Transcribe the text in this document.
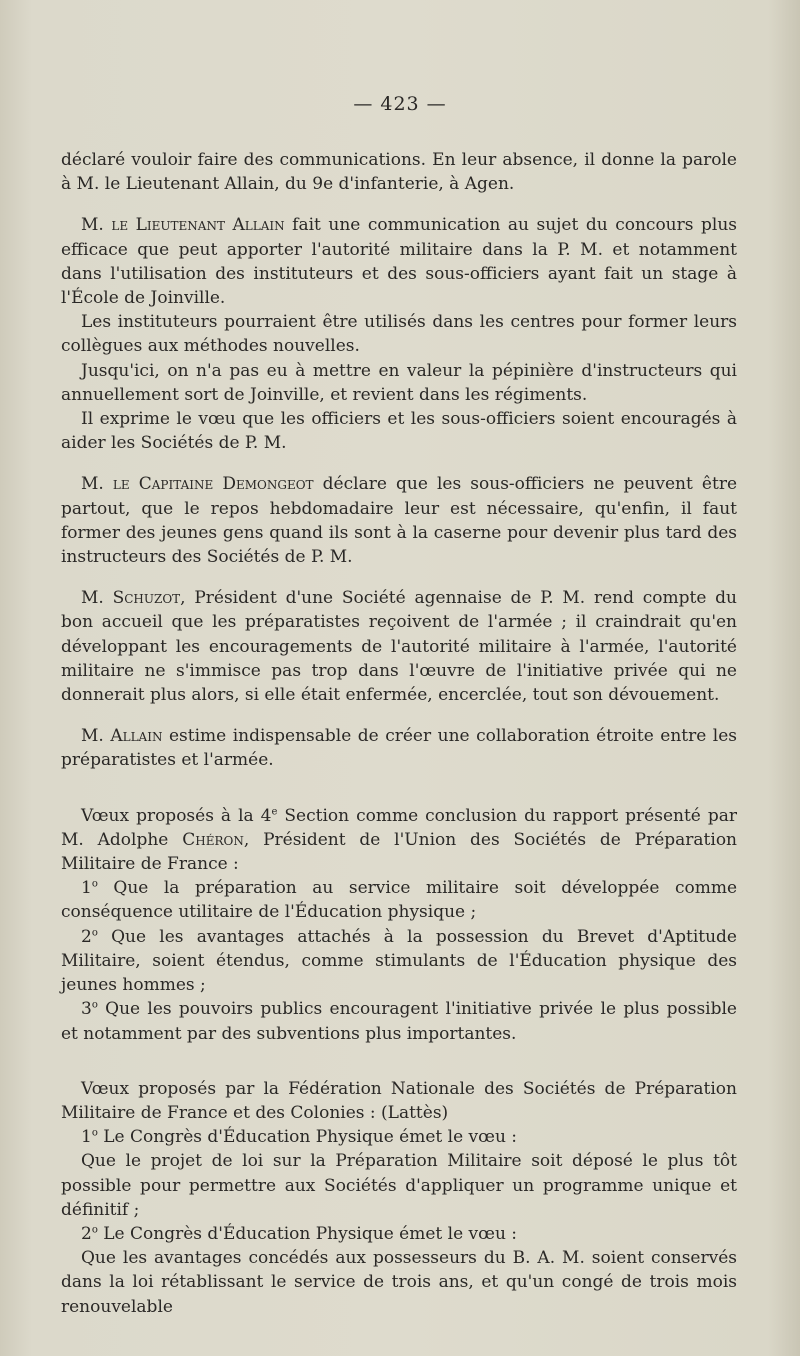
— 423 —

déclaré vouloir faire des communications. En leur absence, il donne la parole à M. le Lieutenant Allain, du 9e d'infanterie, à Agen.

M. le Lieutenant Allain fait une communication au sujet du concours plus efficace que peut apporter l'autorité militaire dans la P. M. et notamment dans l'utilisation des instituteurs et des sous-officiers ayant fait un stage à l'École de Joinville.

Les instituteurs pourraient être utilisés dans les centres pour former leurs collègues aux méthodes nouvelles.

Jusqu'ici, on n'a pas eu à mettre en valeur la pépinière d'instructeurs qui annuellement sort de Joinville, et revient dans les régiments.

Il exprime le vœu que les officiers et les sous-officiers soient encouragés à aider les Sociétés de P. M.

M. le Capitaine Demongeot déclare que les sous-officiers ne peuvent être partout, que le repos hebdomadaire leur est nécessaire, qu'enfin, il faut former des jeunes gens quand ils sont à la caserne pour devenir plus tard des instructeurs des Sociétés de P. M.

M. Schuzot, Président d'une Société agennaise de P. M. rend compte du bon accueil que les préparatistes reçoivent de l'armée ; il craindrait qu'en développant les encouragements de l'autorité militaire à l'armée, l'autorité militaire ne s'immisce pas trop dans l'œuvre de l'initiative privée qui ne donnerait plus alors, si elle était enfermée, encerclée, tout son dévouement.

M. Allain estime indispensable de créer une collaboration étroite entre les préparatistes et l'armée.

Vœux proposés à la 4e Section comme conclusion du rapport présenté par M. Adolphe Chéron, Président de l'Union des Sociétés de Préparation Militaire de France :

1$^o$ Que la préparation au service militaire soit développée comme conséquence utilitaire de l'Éducation physique ;

2$^o$ Que les avantages attachés à la possession du Brevet d'Aptitude Militaire, soient étendus, comme stimulants de l'Éducation physique des jeunes hommes ;

3$^o$ Que les pouvoirs publics encouragent l'initiative privée le plus possible et notamment par des subventions plus importantes.

Vœux proposés par la Fédération Nationale des Sociétés de Préparation Militaire de France et des Colonies : (Lattès)

1$^o$ Le Congrès d'Éducation Physique émet le vœu :

Que le projet de loi sur la Préparation Militaire soit déposé le plus tôt possible pour permettre aux Sociétés d'appliquer un programme unique et définitif ;

2$^o$ Le Congrès d'Éducation Physique émet le vœu :

Que les avantages concédés aux possesseurs du B. A. M. soient conservés dans la loi rétablissant le service de trois ans, et qu'un congé de trois mois renouvelable
